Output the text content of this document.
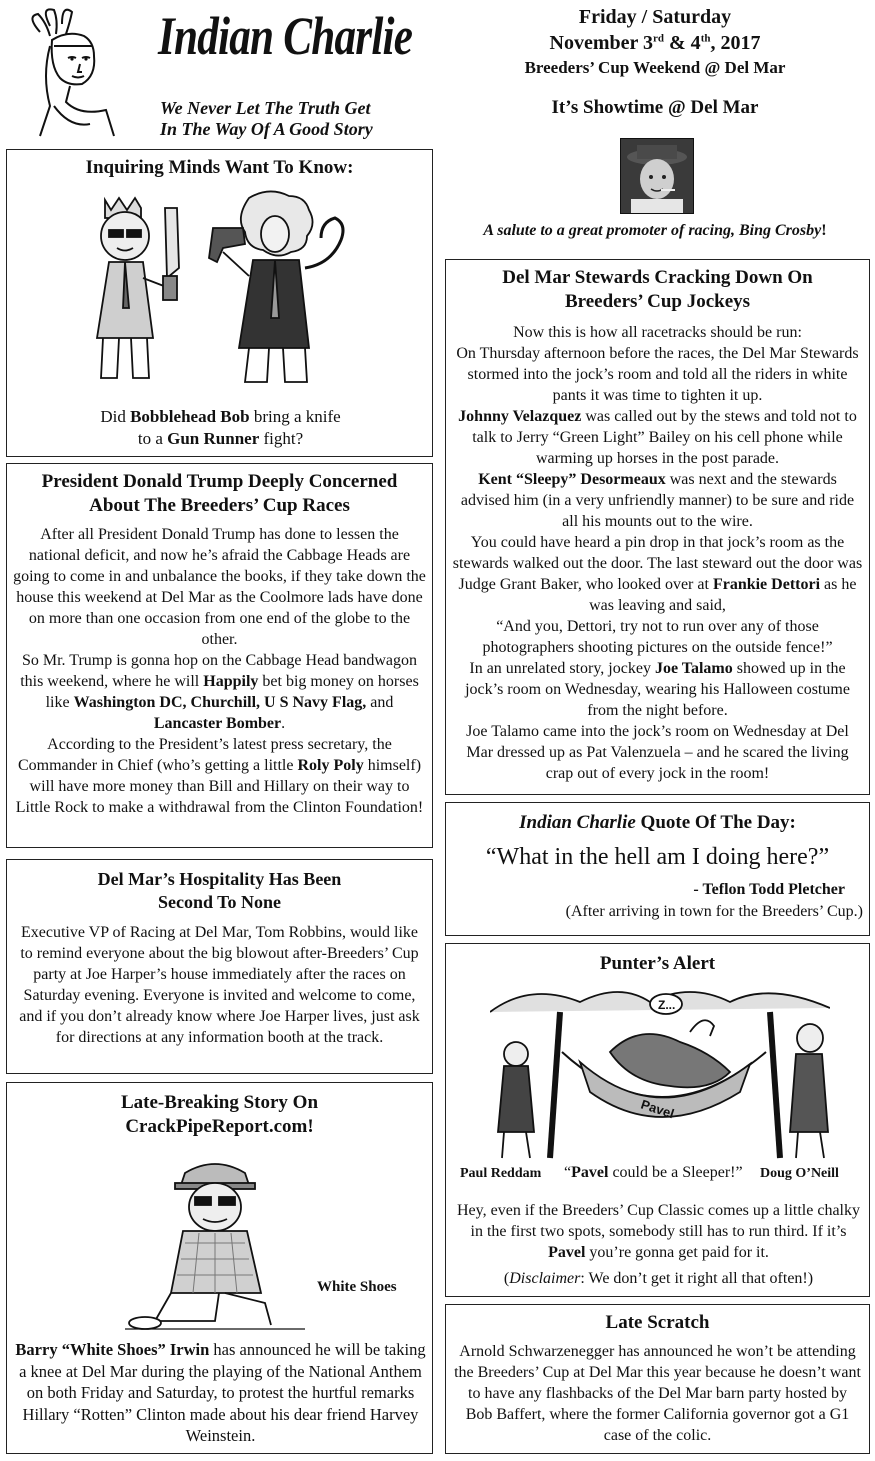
Indian Charlie
We Never Let The Truth Get
In The Way Of A Good Story
Friday / Saturday
November 3rd & 4th, 2017
Breeders’ Cup Weekend @ Del Mar
It’s Showtime @ Del Mar
A salute to a great promoter of racing, Bing Crosby!
Inquiring Minds Want To Know:
Did Bobblehead Bob bring a knife
to a Gun Runner fight?
President Donald Trump Deeply Concerned
About The Breeders’ Cup Races
After all President Donald Trump has done to lessen the national deficit, and now he’s afraid the Cabbage Heads are going to come in and unbalance the books, if they take down the house this weekend at Del Mar as the Coolmore lads have done on more than one occasion from one end of the globe to the other.
So Mr. Trump is gonna hop on the Cabbage Head bandwagon this weekend, where he will Happily bet big money on horses like Washington DC, Churchill, U S Navy Flag, and Lancaster Bomber.
According to the President’s latest press secretary, the Commander in Chief (who’s getting a little Roly Poly himself) will have more money than Bill and Hillary on their way to Little Rock to make a withdrawal from the Clinton Foundation!
Del Mar’s Hospitality Has Been
Second To None
Executive VP of Racing at Del Mar, Tom Robbins, would like to remind everyone about the big blowout after-Breeders’ Cup party at Joe Harper’s house immediately after the races on Saturday evening. Everyone is invited and welcome to come, and if you don’t already know where Joe Harper lives, just ask for directions at any information booth at the track.
Late-Breaking Story On
CrackPipeReport.com!
White Shoes
Barry “White Shoes” Irwin has announced he will be taking a knee at Del Mar during the playing of the National Anthem on both Friday and Saturday, to protest the hurtful remarks Hillary “Rotten” Clinton made about his dear friend Harvey Weinstein.
Del Mar Stewards Cracking Down On
Breeders’ Cup Jockeys
Now this is how all racetracks should be run:
On Thursday afternoon before the races, the Del Mar Stewards stormed into the jock’s room and told all the riders in white pants it was time to tighten it up.
Johnny Velazquez was called out by the stews and told not to talk to Jerry “Green Light” Bailey on his cell phone while warming up horses in the post parade.
Kent “Sleepy” Desormeaux was next and the stewards advised him (in a very unfriendly manner) to be sure and ride all his mounts out to the wire.
You could have heard a pin drop in that jock’s room as the stewards walked out the door. The last steward out the door was Judge Grant Baker, who looked over at Frankie Dettori as he was leaving and said,
“And you, Dettori, try not to run over any of those photographers shooting pictures on the outside fence!”
In an unrelated story, jockey Joe Talamo showed up in the jock’s room on Wednesday, wearing his Halloween costume from the night before.
Joe Talamo came into the jock’s room on Wednesday at Del Mar dressed up as Pat Valenzuela – and he scared the living crap out of every jock in the room!
Indian Charlie Quote Of The Day:
“What in the hell am I doing here?”
- Teflon Todd Pletcher
(After arriving in town for the Breeders’ Cup.)
Punter’s Alert
Z...
Pavel
Paul Reddam “Pavel could be a Sleeper!” Doug O’Neill
Hey, even if the Breeders’ Cup Classic comes up a little chalky in the first two spots, somebody still has to run third. If it’s Pavel you’re gonna get paid for it.
(Disclaimer: We don’t get it right all that often!)
Late Scratch
Arnold Schwarzenegger has announced he won’t be attending the Breeders’ Cup at Del Mar this year because he doesn’t want to have any flashbacks of the Del Mar barn party hosted by Bob Baffert, where the former California governor got a G1 case of the colic.
